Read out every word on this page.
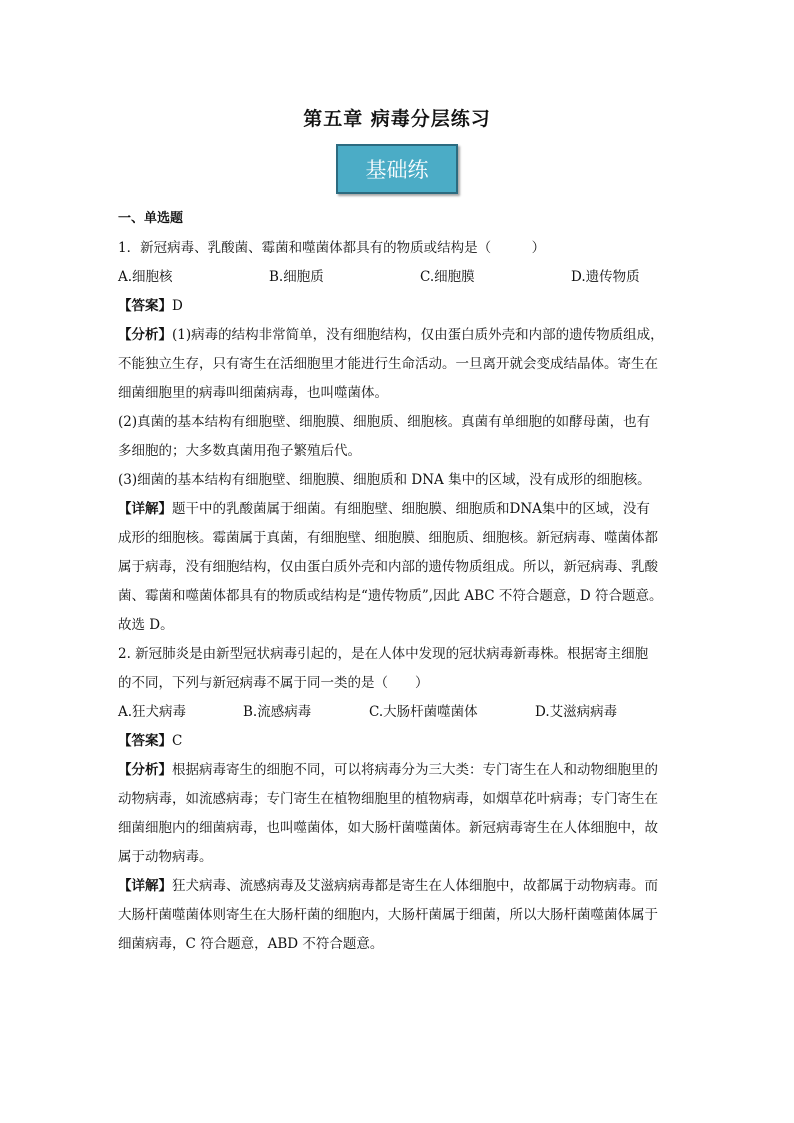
第五章 病毒分层练习
基础练
一、单选题
1．新冠病毒、乳酸菌、霉菌和噬菌体都具有的物质或结构是（　　　）
A.细胞核	B.细胞质	C.细胞膜	D.遗传物质
【答案】D
【分析】(1)病毒的结构非常简单，没有细胞结构，仅由蛋白质外壳和内部的遗传物质组成，
不能独立生存，只有寄生在活细胞里才能进行生命活动。一旦离开就会变成结晶体。寄生在
细菌细胞里的病毒叫细菌病毒，也叫噬菌体。
(2)真菌的基本结构有细胞壁、细胞膜、细胞质、细胞核。真菌有单细胞的如酵母菌，也有
多细胞的；大多数真菌用孢子繁殖后代。
(3)细菌的基本结构有细胞壁、细胞膜、细胞质和 DNA 集中的区域，没有成形的细胞核。
【详解】题干中的乳酸菌属于细菌。有细胞壁、细胞膜、细胞质和DNA集中的区域，没有
成形的细胞核。霉菌属于真菌，有细胞壁、细胞膜、细胞质、细胞核。新冠病毒、噬菌体都
属于病毒，没有细胞结构，仅由蛋白质外壳和内部的遗传物质组成。所以，新冠病毒、乳酸
菌、霉菌和噬菌体都具有的物质或结构是“遗传物质”,因此 ABC 不符合题意，D 符合题意。
故选 D。
2. 新冠肺炎是由新型冠状病毒引起的，是在人体中发现的冠状病毒新毒株。根据寄主细胞
的不同，下列与新冠病毒不属于同一类的是（　　）
A.狂犬病毒	B.流感病毒	C.大肠杆菌噬菌体	D.艾滋病病毒
【答案】C
【分析】根据病毒寄生的细胞不同，可以将病毒分为三大类：专门寄生在人和动物细胞里的
动物病毒，如流感病毒；专门寄生在植物细胞里的植物病毒，如烟草花叶病毒；专门寄生在
细菌细胞内的细菌病毒，也叫噬菌体，如大肠杆菌噬菌体。新冠病毒寄生在人体细胞中，故
属于动物病毒。
【详解】狂犬病毒、流感病毒及艾滋病病毒都是寄生在人体细胞中，故都属于动物病毒。而
大肠杆菌噬菌体则寄生在大肠杆菌的细胞内，大肠杆菌属于细菌，所以大肠杆菌噬菌体属于
细菌病毒，C 符合题意，ABD 不符合题意。
